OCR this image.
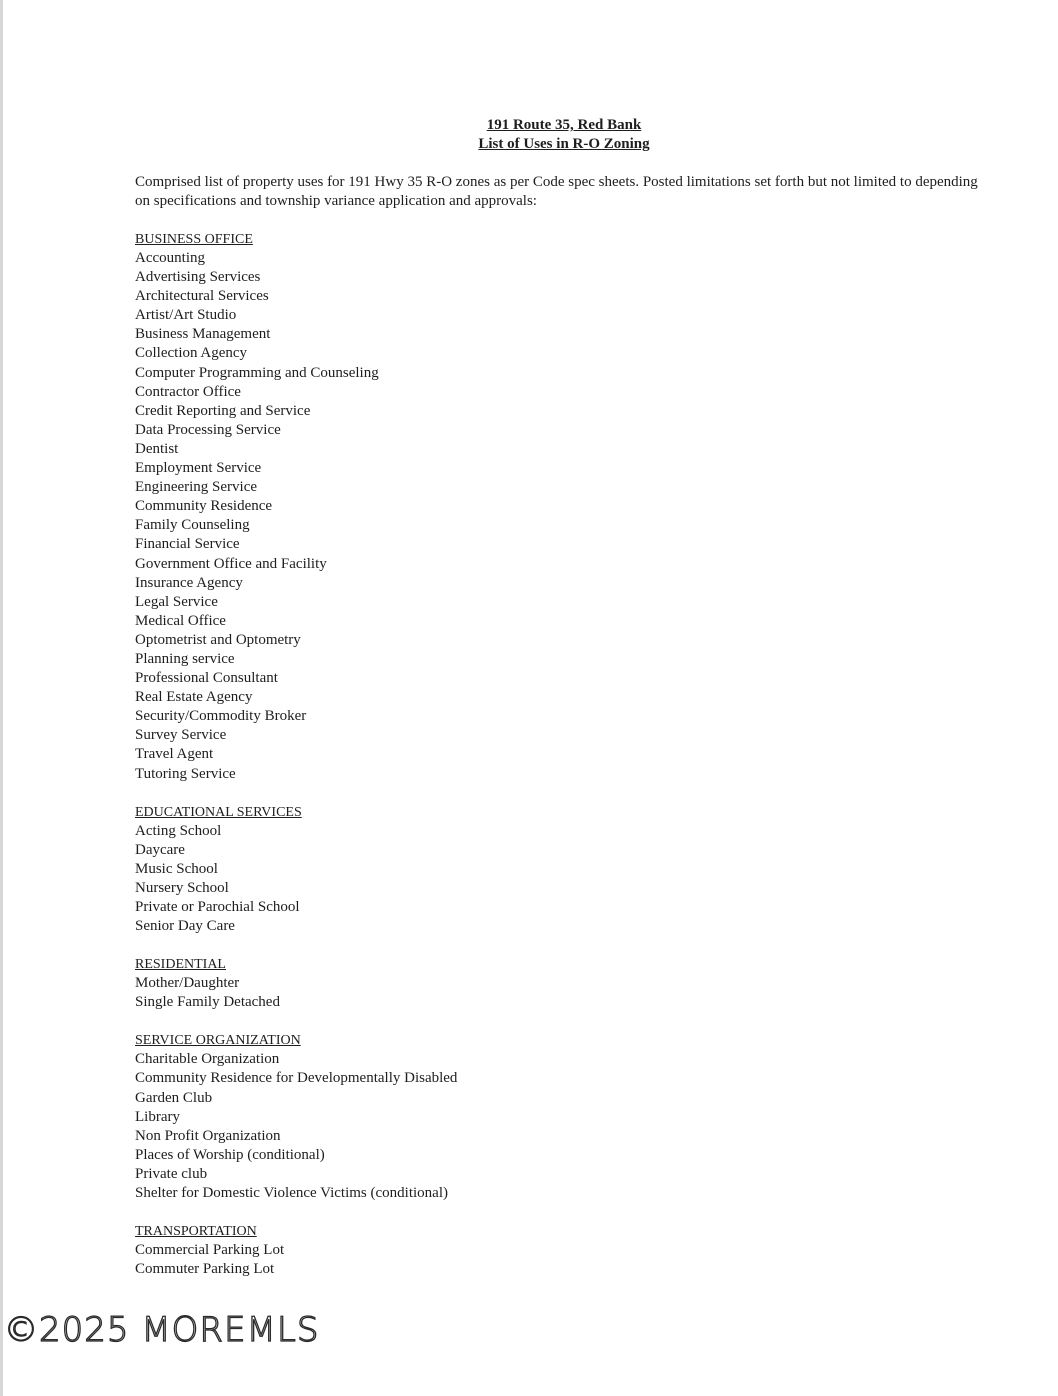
191 Route 35, Red Bank
List of Uses in R-O Zoning

Comprised list of property uses for 191 Hwy 35 R-O zones as per Code spec sheets. Posted limitations set forth but not limited to depending on specifications and township variance application and approvals:

BUSINESS OFFICE
Accounting
Advertising Services
Architectural Services
Artist/Art Studio
Business Management
Collection Agency
Computer Programming and Counseling
Contractor Office
Credit Reporting and Service
Data Processing Service
Dentist
Employment Service
Engineering Service
Community Residence
Family Counseling
Financial Service
Government Office and Facility
Insurance Agency
Legal Service
Medical Office
Optometrist and Optometry
Planning service
Professional Consultant
Real Estate Agency
Security/Commodity Broker
Survey Service
Travel Agent
Tutoring Service
EDUCATIONAL SERVICES
Acting School
Daycare
Music School
Nursery School
Private or Parochial School
Senior Day Care
RESIDENTIAL
Mother/Daughter
Single Family Detached
SERVICE ORGANIZATION
Charitable Organization
Community Residence for Developmentally Disabled
Garden Club
Library
Non Profit Organization
Places of Worship (conditional)
Private club
Shelter for Domestic Violence Victims (conditional)
TRANSPORTATION
Commercial Parking Lot
Commuter Parking Lot
©2025 MOREMLS
